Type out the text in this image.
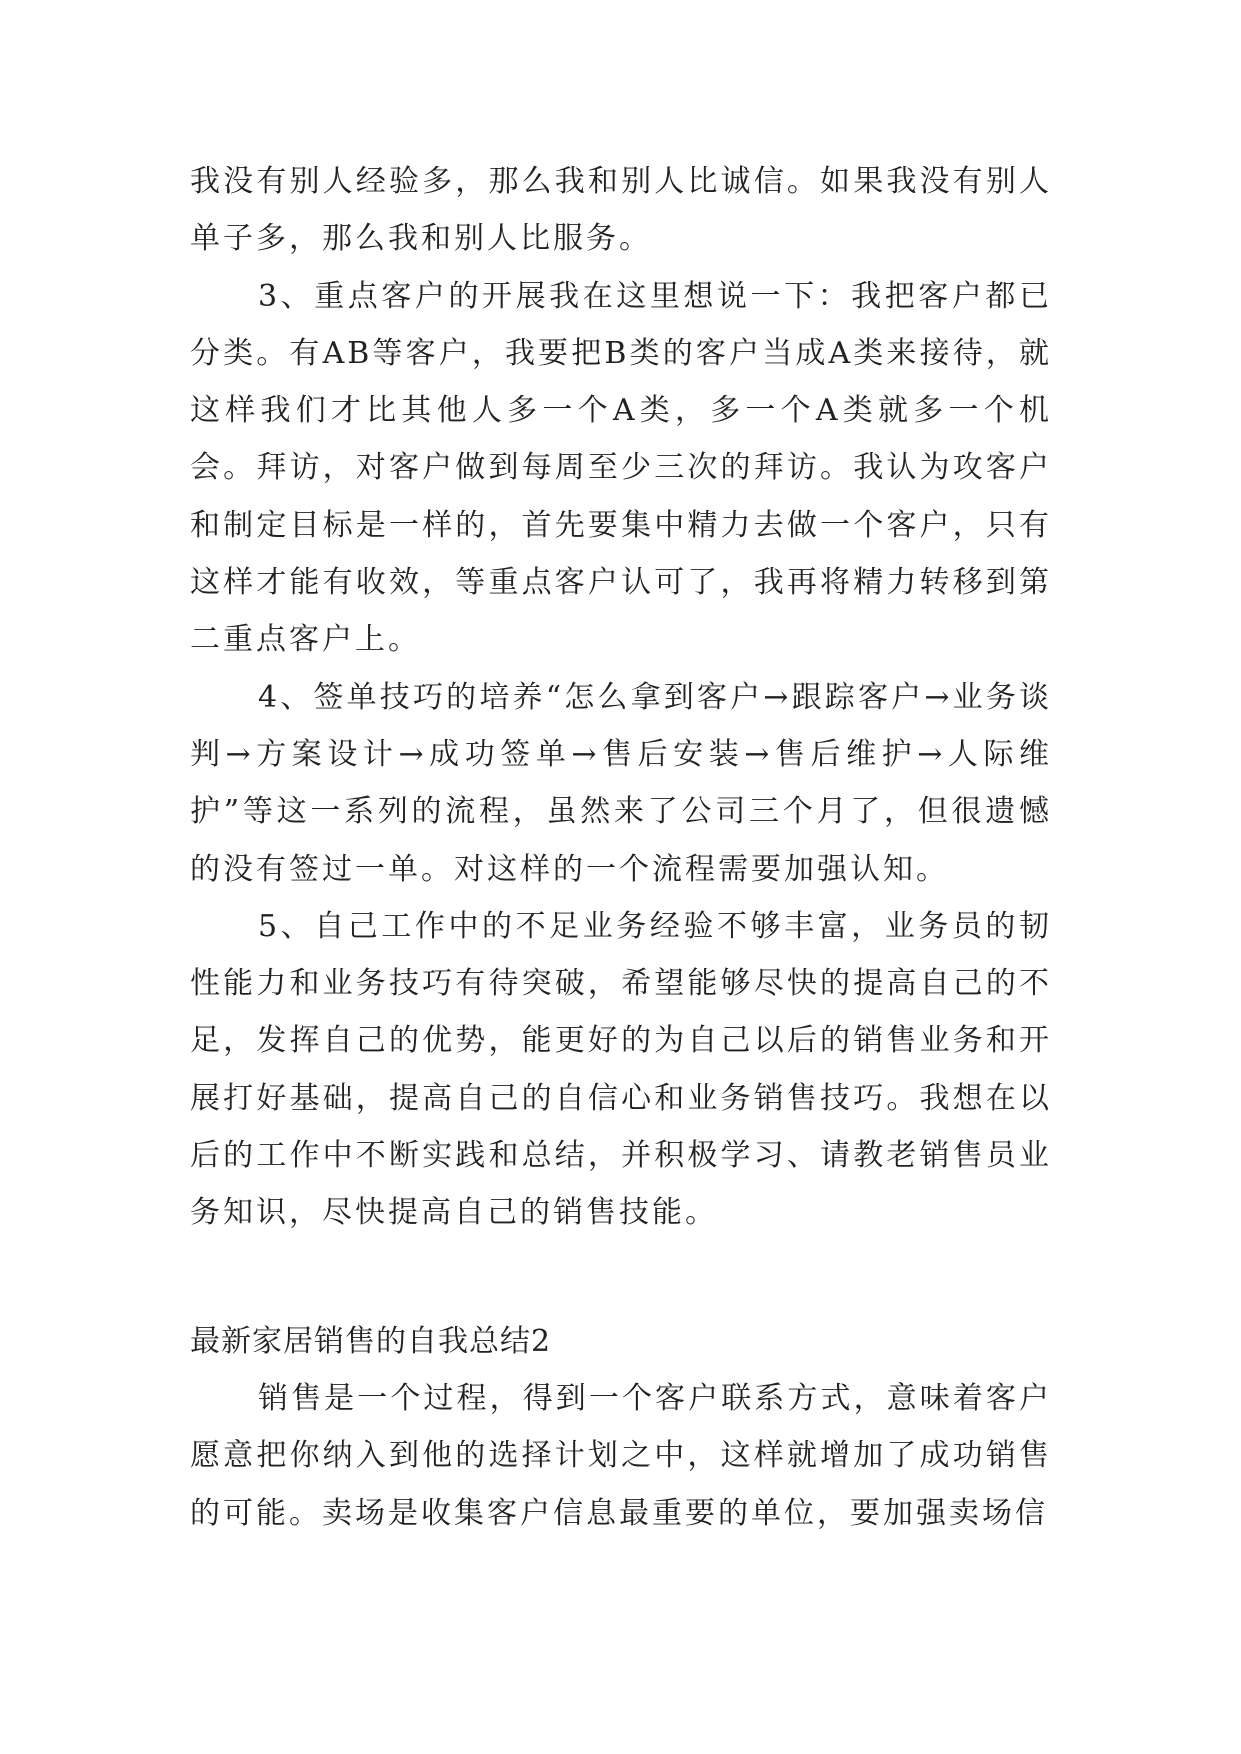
我没有别人经验多，那么我和别人比诚信。如果我没有别人单子多，那么我和别人比服务。

3、重点客户的开展我在这里想说一下：我把客户都已分类。有AB等客户，我要把B类的客户当成A类来接待，就这样我们才比其他人多一个A类，多一个A类就多一个机会。拜访，对客户做到每周至少三次的拜访。我认为攻客户和制定目标是一样的，首先要集中精力去做一个客户，只有这样才能有收效，等重点客户认可了，我再将精力转移到第二重点客户上。

4、签单技巧的培养“怎么拿到客户→跟踪客户→业务谈判→方案设计→成功签单→售后安装→售后维护→人际维护”等这一系列的流程，虽然来了公司三个月了，但很遗憾的没有签过一单。对这样的一个流程需要加强认知。

5、自己工作中的不足业务经验不够丰富，业务员的韧性能力和业务技巧有待突破，希望能够尽快的提高自己的不足，发挥自己的优势，能更好的为自己以后的销售业务和开展打好基础，提高自己的自信心和业务销售技巧。我想在以后的工作中不断实践和总结，并积极学习、请教老销售员业务知识，尽快提高自己的销售技能。

最新家居销售的自我总结2

销售是一个过程，得到一个客户联系方式，意味着客户愿意把你纳入到他的选择计划之中，这样就增加了成功销售的可能。卖场是收集客户信息最重要的单位，要加强卖场信
